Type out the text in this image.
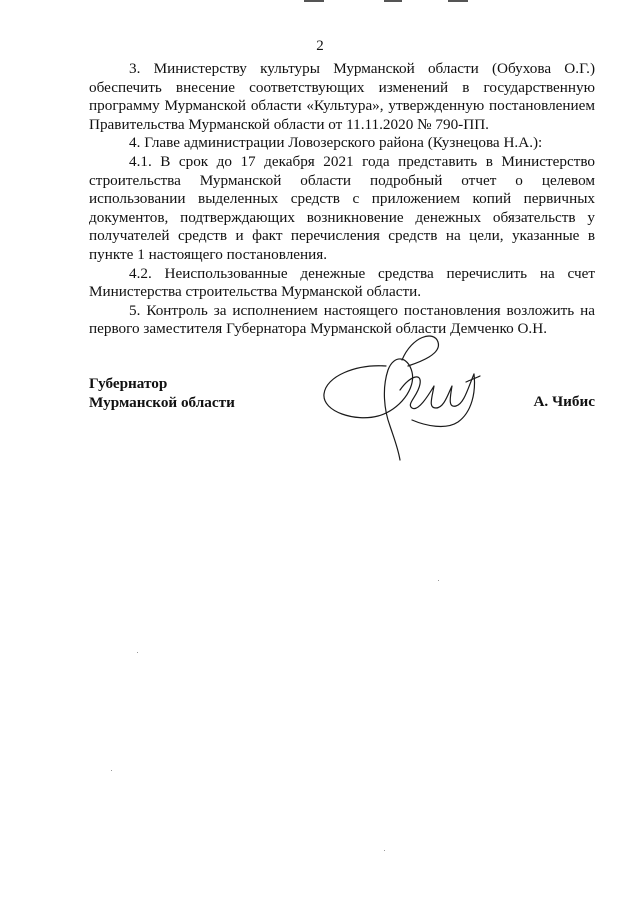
2

3. Министерству культуры Мурманской области (Обухова О.Г.) обеспечить внесение соответствующих изменений в государственную программу Мурманской области «Культура», утвержденную постановлением Правительства Мурманской области от 11.11.2020 № 790-ПП.

4. Главе администрации Ловозерского района (Кузнецова Н.А.):

4.1. В срок до 17 декабря 2021 года представить в Министерство строительства Мурманской области подробный отчет о целевом использовании выделенных средств с приложением копий первичных документов, подтверждающих возникновение денежных обязательств у получателей средств и факт перечисления средств на цели, указанные в пункте 1 настоящего постановления.

4.2. Неиспользованные денежные средства перечислить на счет Министерства строительства Мурманской области.

5. Контроль за исполнением настоящего постановления возложить на первого заместителя Губернатора Мурманской области Демченко О.Н.

Губернатор
Мурманской области	А. Чибис
